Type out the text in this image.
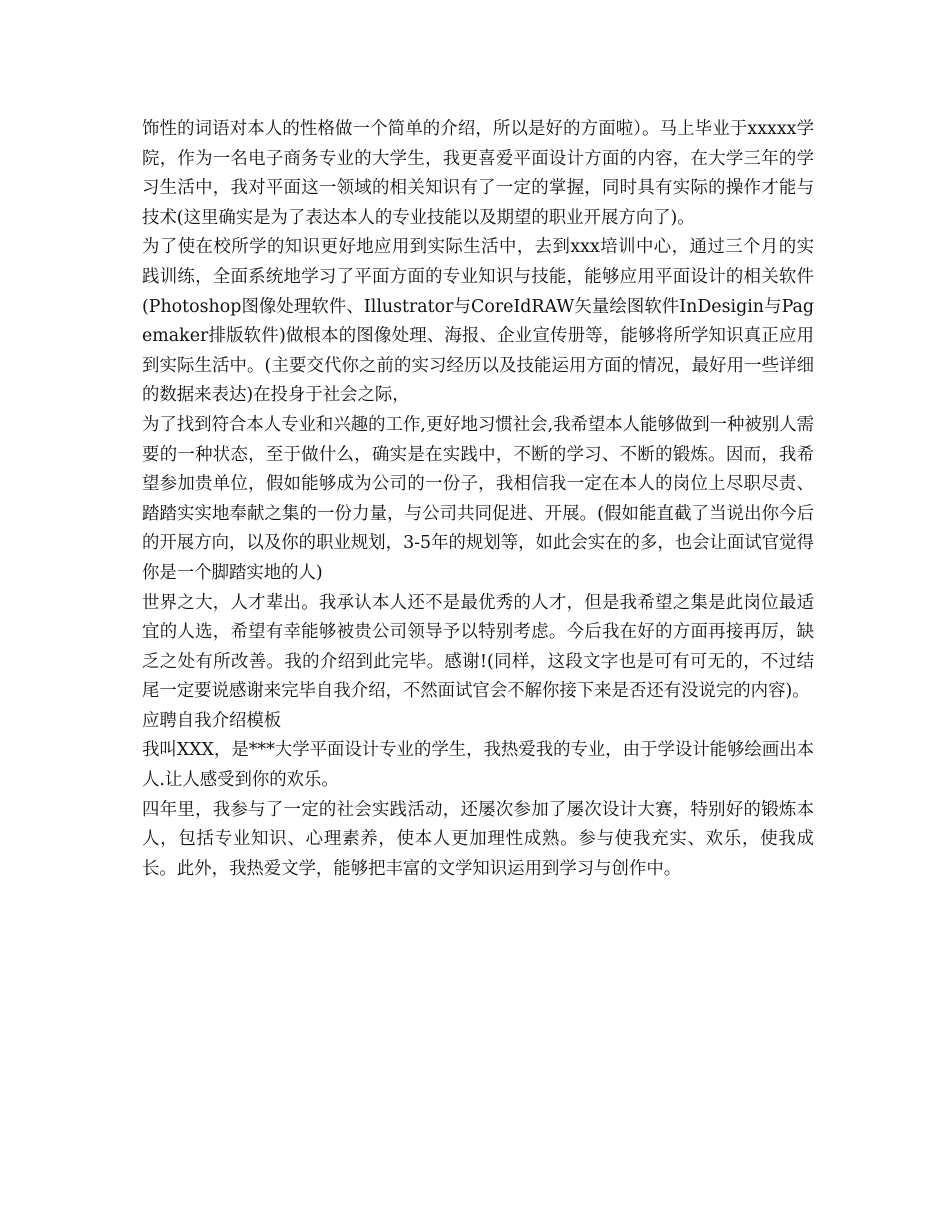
饰性的词语对本人的性格做一个简单的介绍，所以是好的方面啦）。马上毕业于xxxxx学院，作为一名电子商务专业的大学生，我更喜爱平面设计方面的内容，在大学三年的学习生活中，我对平面这一领域的相关知识有了一定的掌握，同时具有实际的操作才能与技术(这里确实是为了表达本人的专业技能以及期望的职业开展方向了)。

为了使在校所学的知识更好地应用到实际生活中，去到xxx培训中心，通过三个月的实践训练，全面系统地学习了平面方面的专业知识与技能，能够应用平面设计的相关软件(Photoshop图像处理软件、Illustrator与CoreIdRAW矢量绘图软件InDesigin与Pagemaker排版软件)做根本的图像处理、海报、企业宣传册等，能够将所学知识真正应用到实际生活中。(主要交代你之前的实习经历以及技能运用方面的情况，最好用一些详细的数据来表达)在投身于社会之际，

为了找到符合本人专业和兴趣的工作,更好地习惯社会,我希望本人能够做到一种被别人需要的一种状态，至于做什么，确实是在实践中，不断的学习、不断的锻炼。因而，我希望参加贵单位，假如能够成为公司的一份子，我相信我一定在本人的岗位上尽职尽责、踏踏实实地奉献之集的一份力量，与公司共同促进、开展。(假如能直截了当说出你今后的开展方向，以及你的职业规划，3-5年的规划等，如此会实在的多，也会让面试官觉得你是一个脚踏实地的人)

世界之大，人才辈出。我承认本人还不是最优秀的人才，但是我希望之集是此岗位最适宜的人选，希望有幸能够被贵公司领导予以特别考虑。今后我在好的方面再接再厉，缺乏之处有所改善。我的介绍到此完毕。感谢!(同样，这段文字也是可有可无的，不过结尾一定要说感谢来完毕自我介绍，不然面试官会不解你接下来是否还有没说完的内容)。

应聘自我介绍模板

我叫XXX，是***大学平面设计专业的学生，我热爱我的专业，由于学设计能够绘画出本人.让人感受到你的欢乐。

四年里，我参与了一定的社会实践活动，还屡次参加了屡次设计大赛，特别好的锻炼本人，包括专业知识、心理素养，使本人更加理性成熟。参与使我充实、欢乐，使我成长。此外，我热爱文学，能够把丰富的文学知识运用到学习与创作中。
